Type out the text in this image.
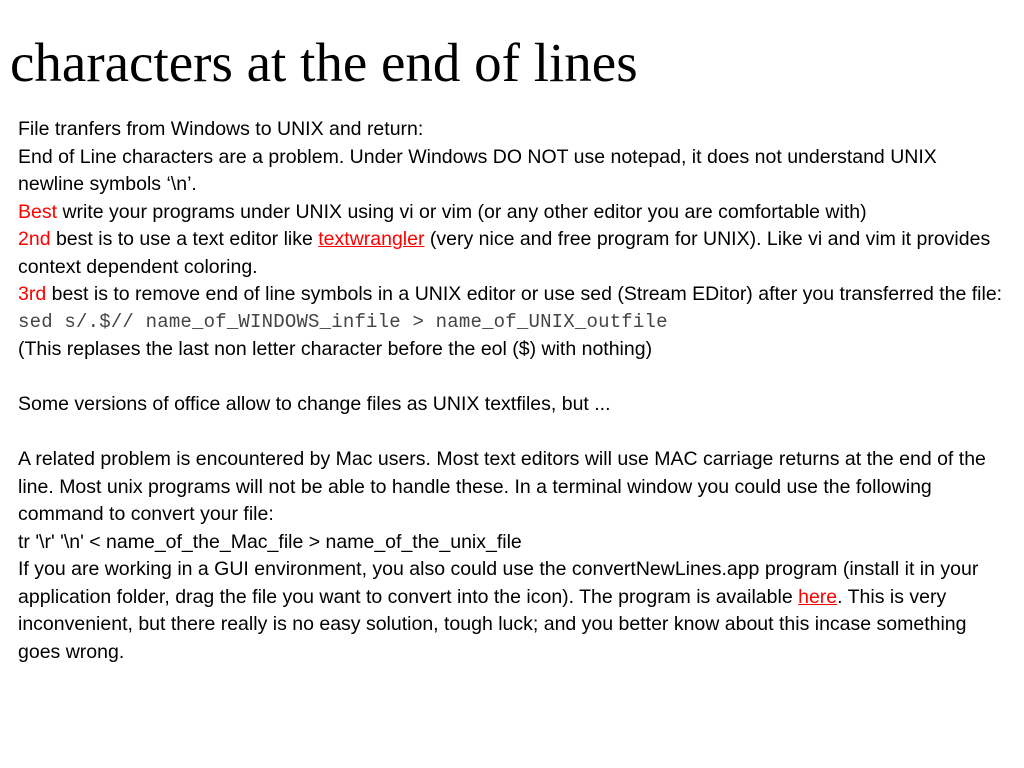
characters at the end of lines

File tranfers from Windows to UNIX and return:

End of Line characters are a problem. Under Windows DO NOT use notepad, it does not understand UNIX newline symbols ‘\n’.

Best write your programs under UNIX using vi or vim (or any other editor you are comfortable with)

2nd best is to use a text editor like textwrangler (very nice and free program for UNIX). Like vi and vim it provides context dependent coloring.

3rd best is to remove end of line symbols in a UNIX editor or use sed (Stream EDitor) after you transferred the file:

sed s/.$// name_of_WINDOWS_infile > name_of_UNIX_outfile

(This replases the last non letter character before the eol ($) with nothing)

Some versions of office allow to change files as UNIX textfiles, but ...

A related problem is encountered by Mac users. Most text editors will use MAC carriage returns at the end of the line. Most unix programs will not be able to handle these. In a terminal window you could use the following command to convert your file:

tr '\r' '\n' < name_of_the_Mac_file > name_of_the_unix_file

If you are working in a GUI environment, you also could use the convertNewLines.app program (install it in your application folder, drag the file you want to convert into the icon). The program is available here. This is very inconvenient, but there really is no easy solution, tough luck; and you better know about this incase something goes wrong.
